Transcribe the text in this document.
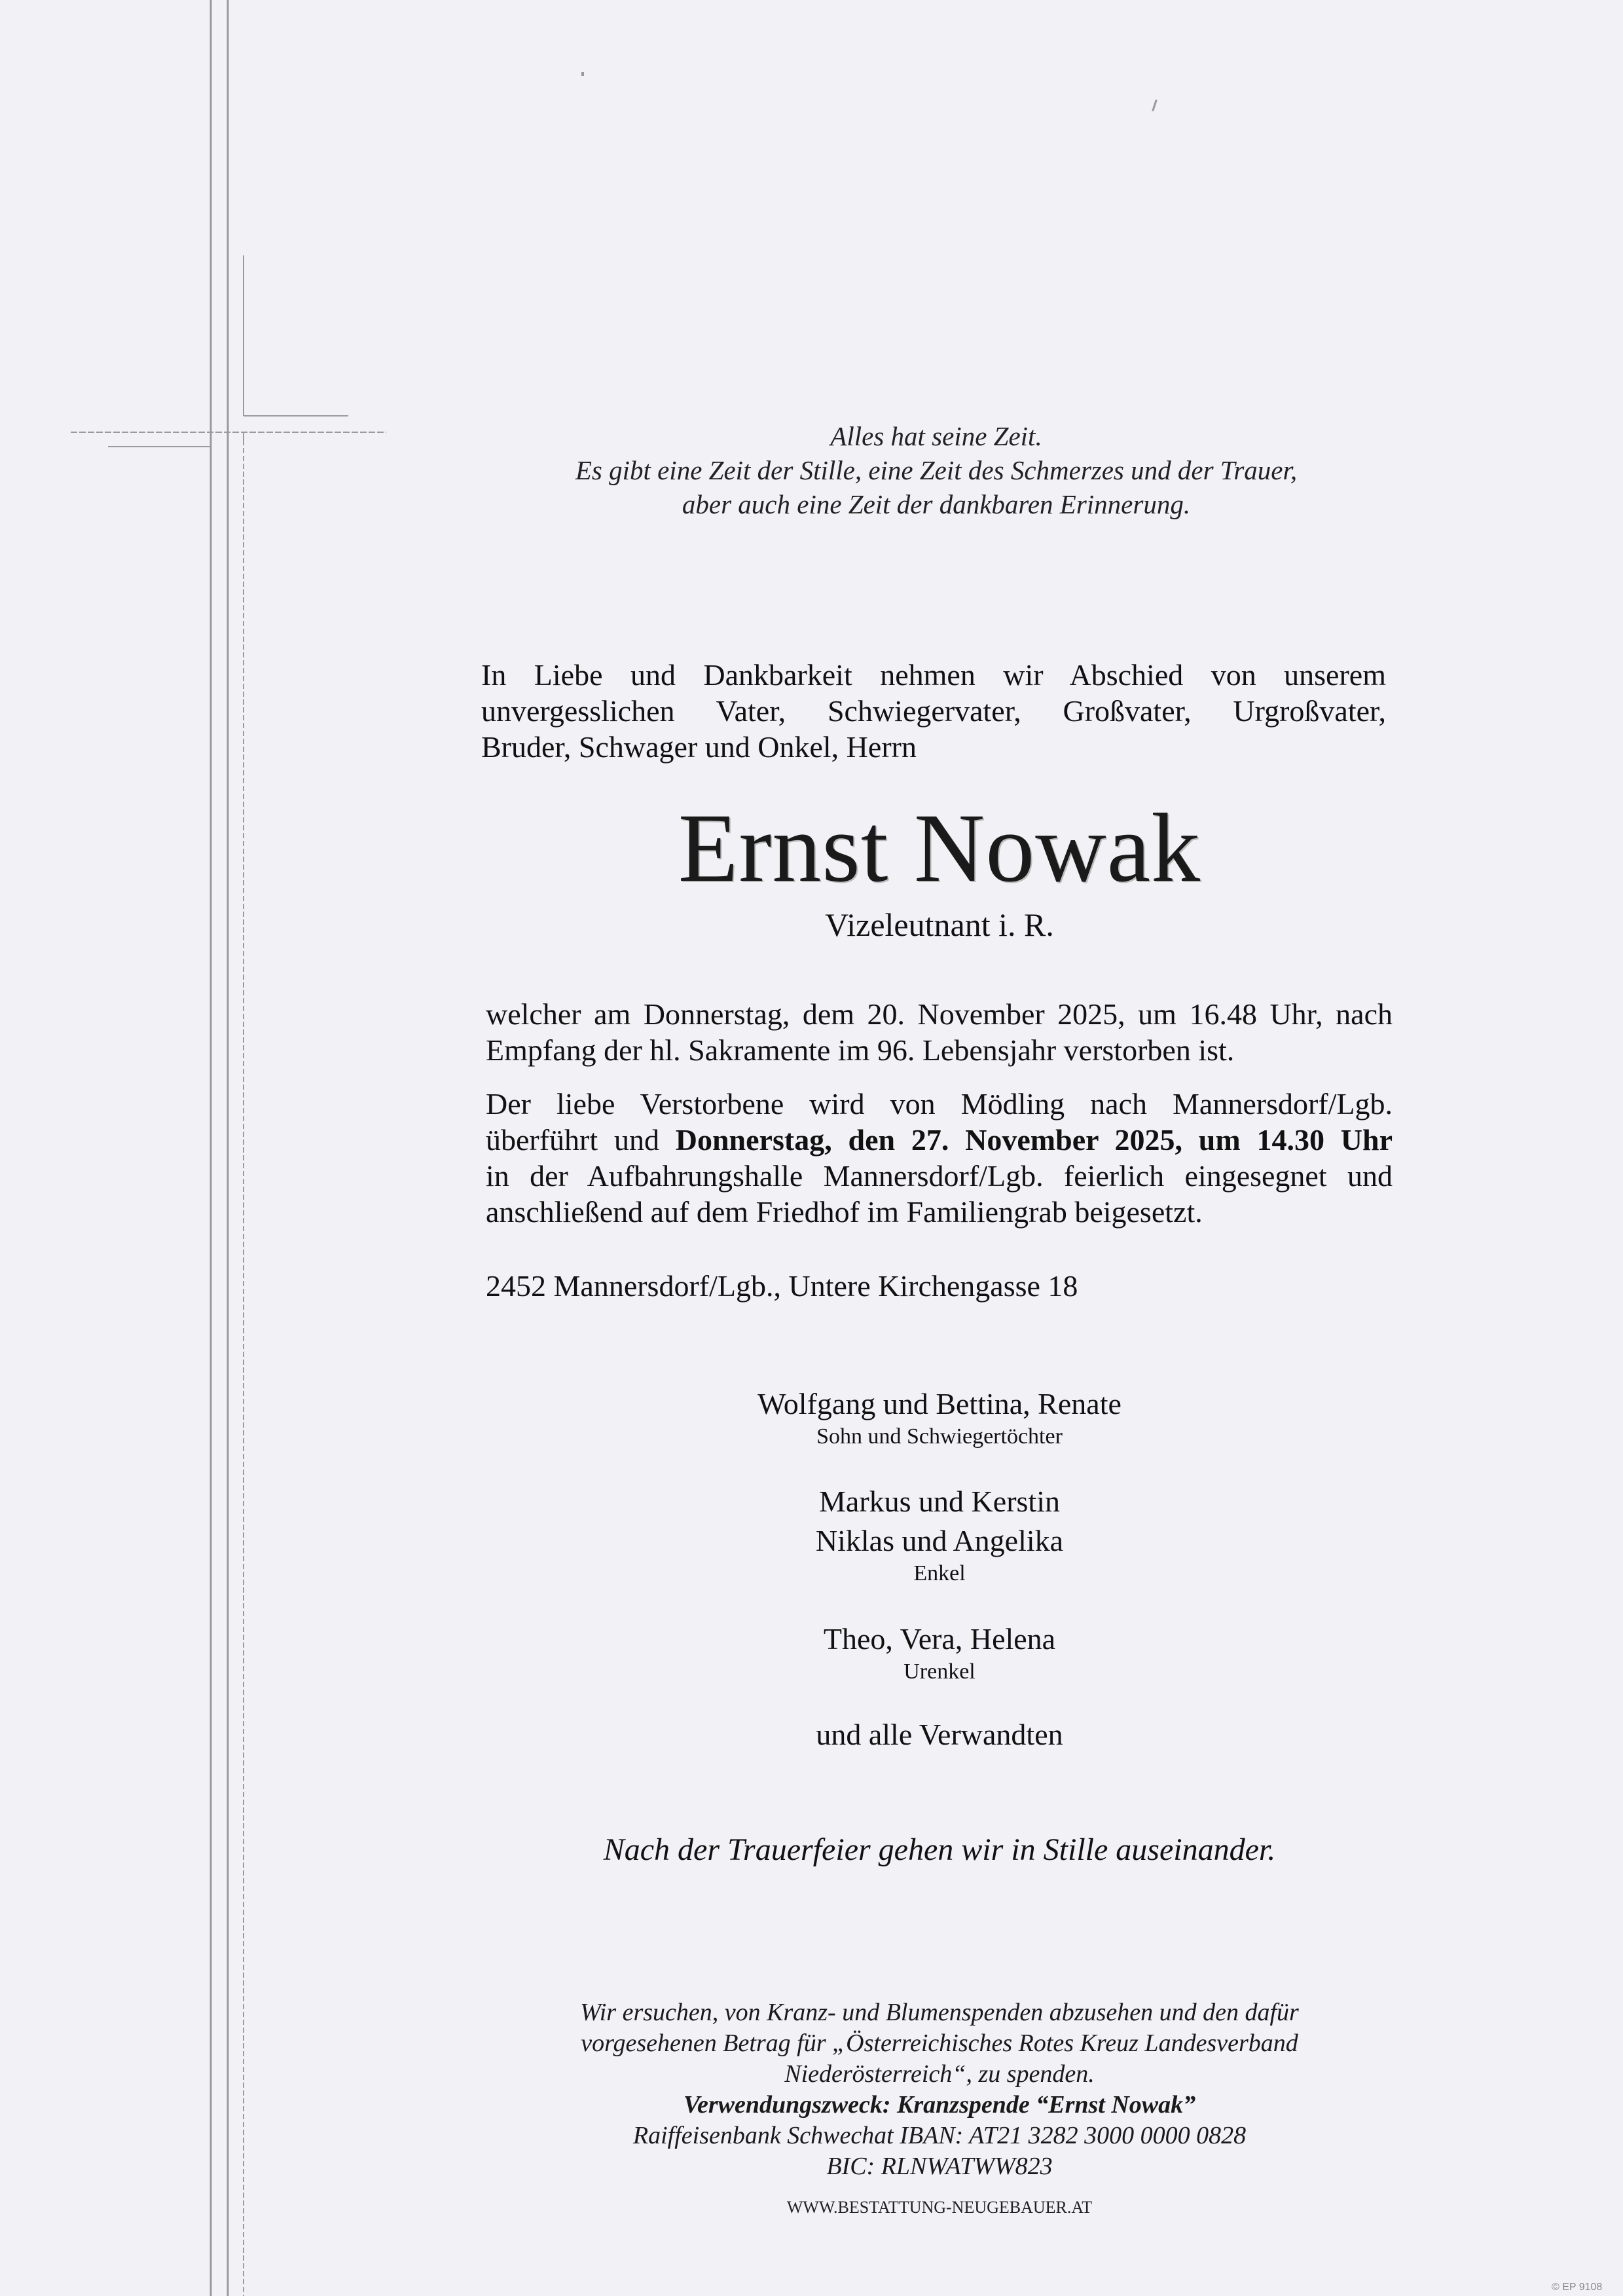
Alles hat seine Zeit.
Es gibt eine Zeit der Stille, eine Zeit des Schmerzes und der Trauer,
aber auch eine Zeit der dankbaren Erinnerung.
In Liebe und Dankbarkeit nehmen wir Abschied von unserem
unvergesslichen Vater, Schwiegervater, Großvater, Urgroßvater,
Bruder, Schwager und Onkel, Herrn
Ernst Nowak
Vizeleutnant i. R.
welcher am Donnerstag, dem 20. November 2025, um 16.48 Uhr, nach
Empfang der hl. Sakramente im 96. Lebensjahr verstorben ist.
Der liebe Verstorbene wird von Mödling nach Mannersdorf/Lgb.
überführt und Donnerstag, den 27. November 2025, um 14.30 Uhr
in der Aufbahrungshalle Mannersdorf/Lgb. feierlich eingesegnet und
anschließend auf dem Friedhof im Familiengrab beigesetzt.
2452 Mannersdorf/Lgb., Untere Kirchengasse 18
Wolfgang und Bettina, Renate
Sohn und Schwiegertöchter
Markus und Kerstin
Niklas und Angelika
Enkel
Theo, Vera, Helena
Urenkel
und alle Verwandten
Nach der Trauerfeier gehen wir in Stille auseinander.
Wir ersuchen, von Kranz- und Blumenspenden abzusehen und den dafür
vorgesehenen Betrag für „Österreichisches Rotes Kreuz Landesverband
Niederösterreich“, zu spenden.
Verwendungszweck: Kranzspende “Ernst Nowak”
Raiffeisenbank Schwechat IBAN: AT21 3282 3000 0000 0828
BIC: RLNWATWW823
WWW.BESTATTUNG-NEUGEBAUER.AT
© EP 9108
